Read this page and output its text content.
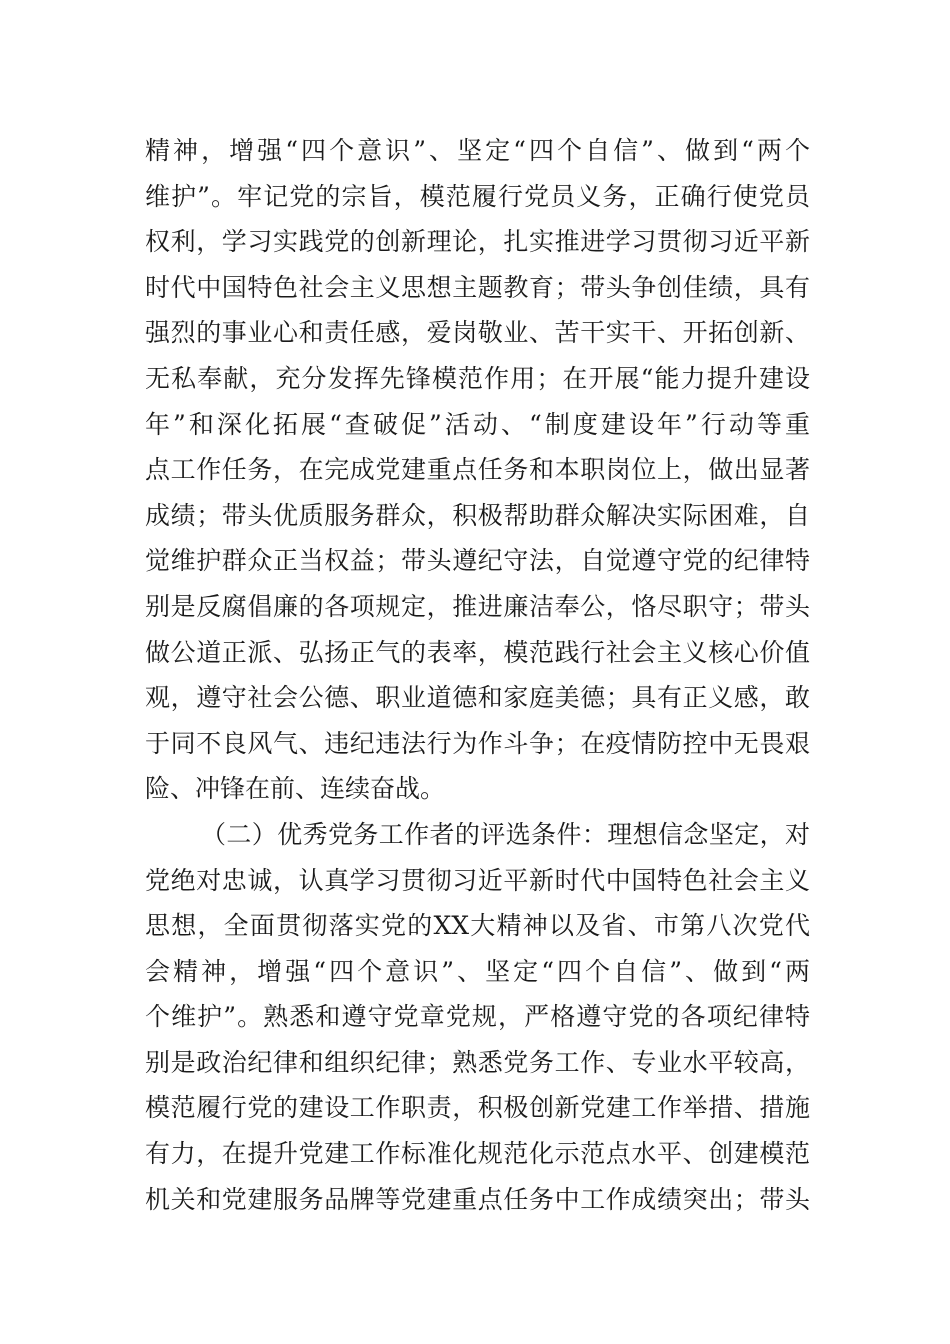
精神，增强“四个意识”、坚定“四个自信”、做到“两个
维护”。牢记党的宗旨，模范履行党员义务，正确行使党员
权利，学习实践党的创新理论，扎实推进学习贯彻习近平新
时代中国特色社会主义思想主题教育；带头争创佳绩，具有
强烈的事业心和责任感，爱岗敬业、苦干实干、开拓创新、
无私奉献，充分发挥先锋模范作用；在开展“能力提升建设
年”和深化拓展“查破促”活动、“制度建设年”行动等重
点工作任务，在完成党建重点任务和本职岗位上，做出显著
成绩；带头优质服务群众，积极帮助群众解决实际困难，自
觉维护群众正当权益；带头遵纪守法，自觉遵守党的纪律特
别是反腐倡廉的各项规定，推进廉洁奉公，恪尽职守；带头
做公道正派、弘扬正气的表率，模范践行社会主义核心价值
观，遵守社会公德、职业道德和家庭美德；具有正义感，敢
于同不良风气、违纪违法行为作斗争；在疫情防控中无畏艰
险、冲锋在前、连续奋战。
（二）优秀党务工作者的评选条件：理想信念坚定，对
党绝对忠诚，认真学习贯彻习近平新时代中国特色社会主义
思想，全面贯彻落实党的XX大精神以及省、市第八次党代
会精神，增强“四个意识”、坚定“四个自信”、做到“两
个维护”。熟悉和遵守党章党规，严格遵守党的各项纪律特
别是政治纪律和组织纪律；熟悉党务工作、专业水平较高，
模范履行党的建设工作职责，积极创新党建工作举措、措施
有力，在提升党建工作标准化规范化示范点水平、创建模范
机关和党建服务品牌等党建重点任务中工作成绩突出；带头
